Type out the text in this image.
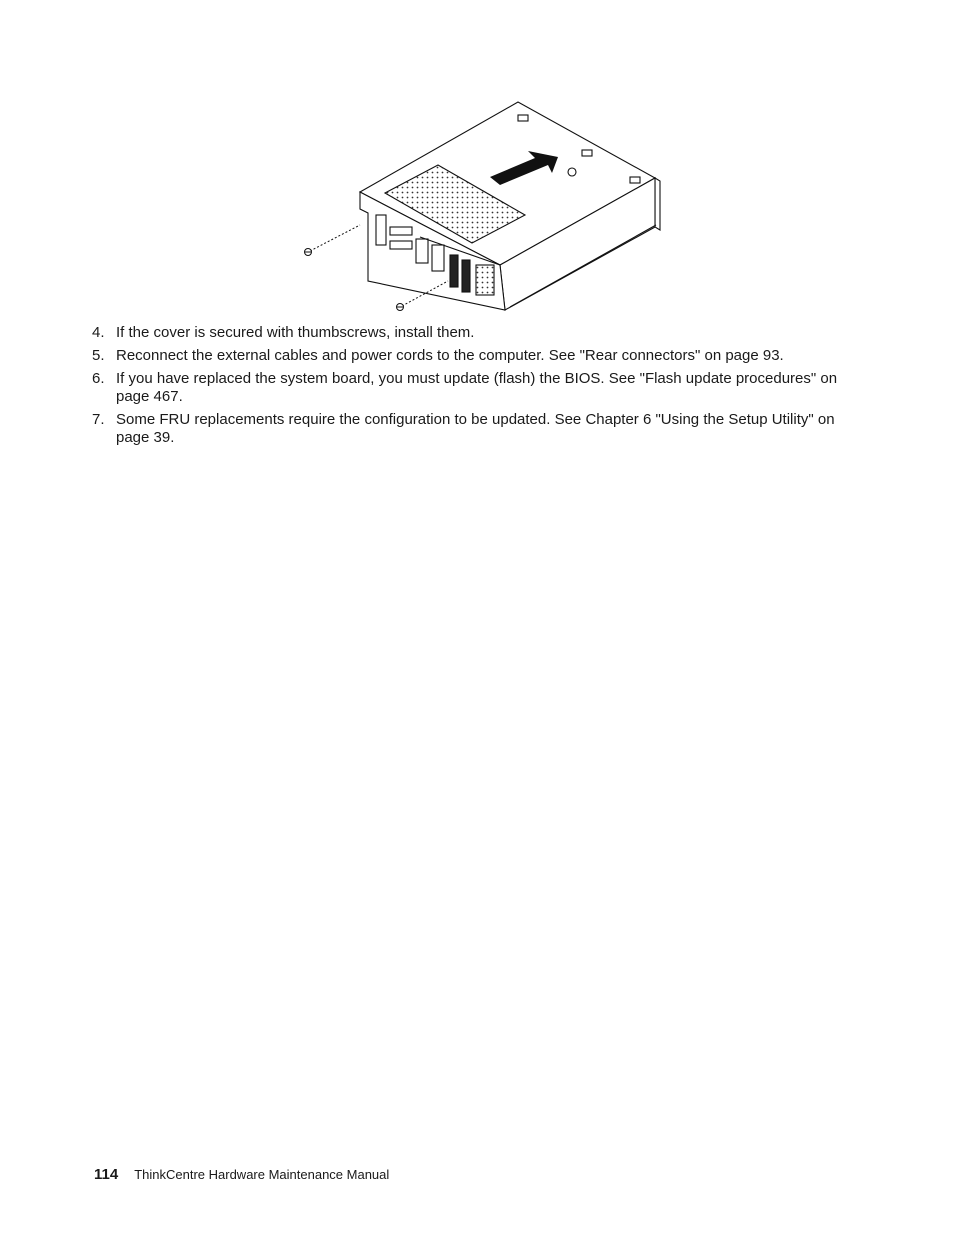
4. If the cover is secured with thumbscrews, install them.
5. Reconnect the external cables and power cords to the computer. See "Rear connectors" on page 93.
6. If you have replaced the system board, you must update (flash) the BIOS. See "Flash update procedures" on page 467.
7. Some FRU replacements require the configuration to be updated. See Chapter 6 "Using the Setup Utility" on page 39.
114 ThinkCentre Hardware Maintenance Manual
